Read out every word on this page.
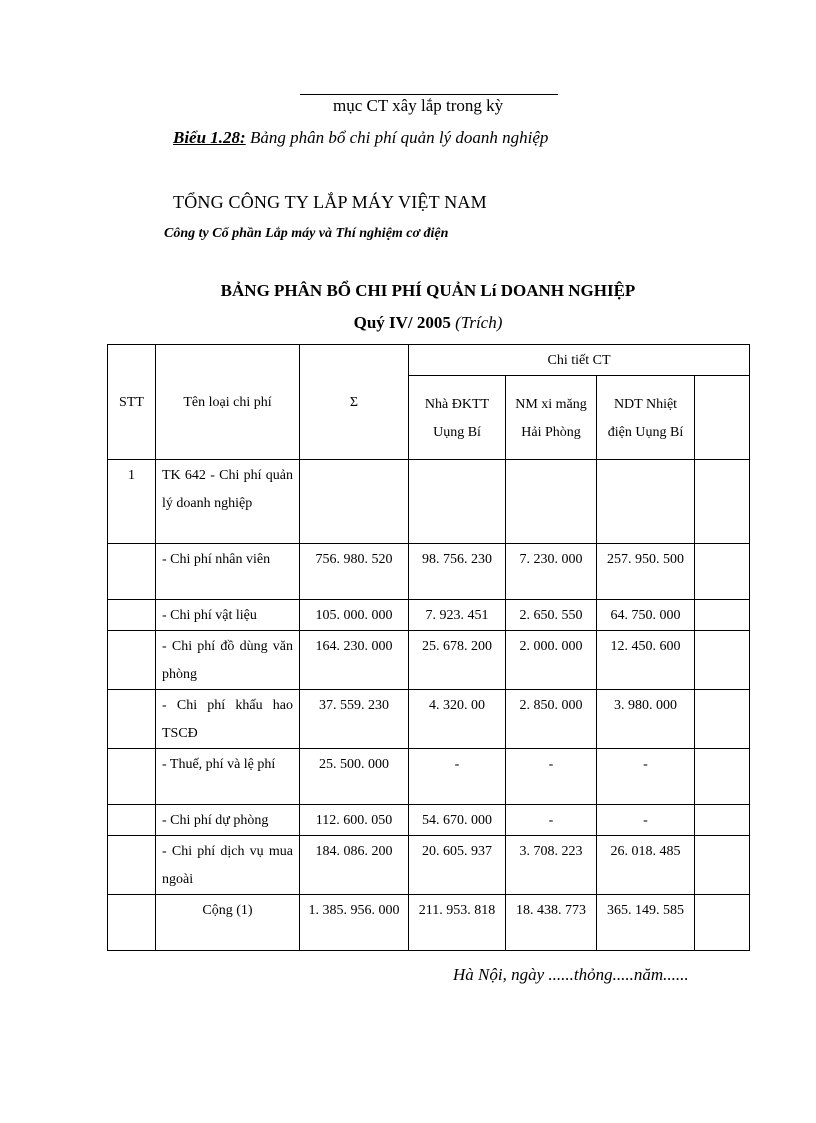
mục CT xây lắp trong kỳ
Biểu 1.28: Bảng phân bổ chi phí quản lý doanh nghiệp
TỔNG CÔNG TY LẮP MÁY VIỆT NAM
Công ty Cổ phần Lắp máy và Thí nghiệm cơ điện
BẢNG PHÂN BỔ CHI PHÍ QUẢN Lí DOANH NGHIỆP
Quý IV/ 2005 (Trích)
STT	Tên loại chi phí	Σ	Chi tiết CT			
			Nhà ĐKTT Uụng Bí	NM xi măng Hải Phòng	NDT Nhiệt điện Uụng Bí	
1	TK 642 - Chi phí quản lý doanh nghiệp					
	- Chi phí nhân viên	756. 980. 520	98. 756. 230	7. 230. 000	257. 950. 500	
	- Chi phí vật liệu	105. 000. 000	7. 923. 451	2. 650. 550	64. 750. 000	
	- Chi phí đồ dùng văn phòng	164. 230. 000	25. 678. 200	2. 000. 000	12. 450. 600	
	- Chi phí khấu hao TSCĐ	37. 559. 230	4. 320. 00	2. 850. 000	3. 980. 000	
	- Thuế, phí và lệ phí	25. 500. 000	-	-	-	
	- Chi phí dự phòng	112. 600. 050	54. 670. 000	-	-	
	- Chi phí dịch vụ mua ngoài	184. 086. 200	20. 605. 937	3. 708. 223	26. 018. 485	
	Cộng (1)	1. 385. 956. 000	211. 953. 818	18. 438. 773	365. 149. 585	
Hà Nội, ngày ......thỏng.....năm......
